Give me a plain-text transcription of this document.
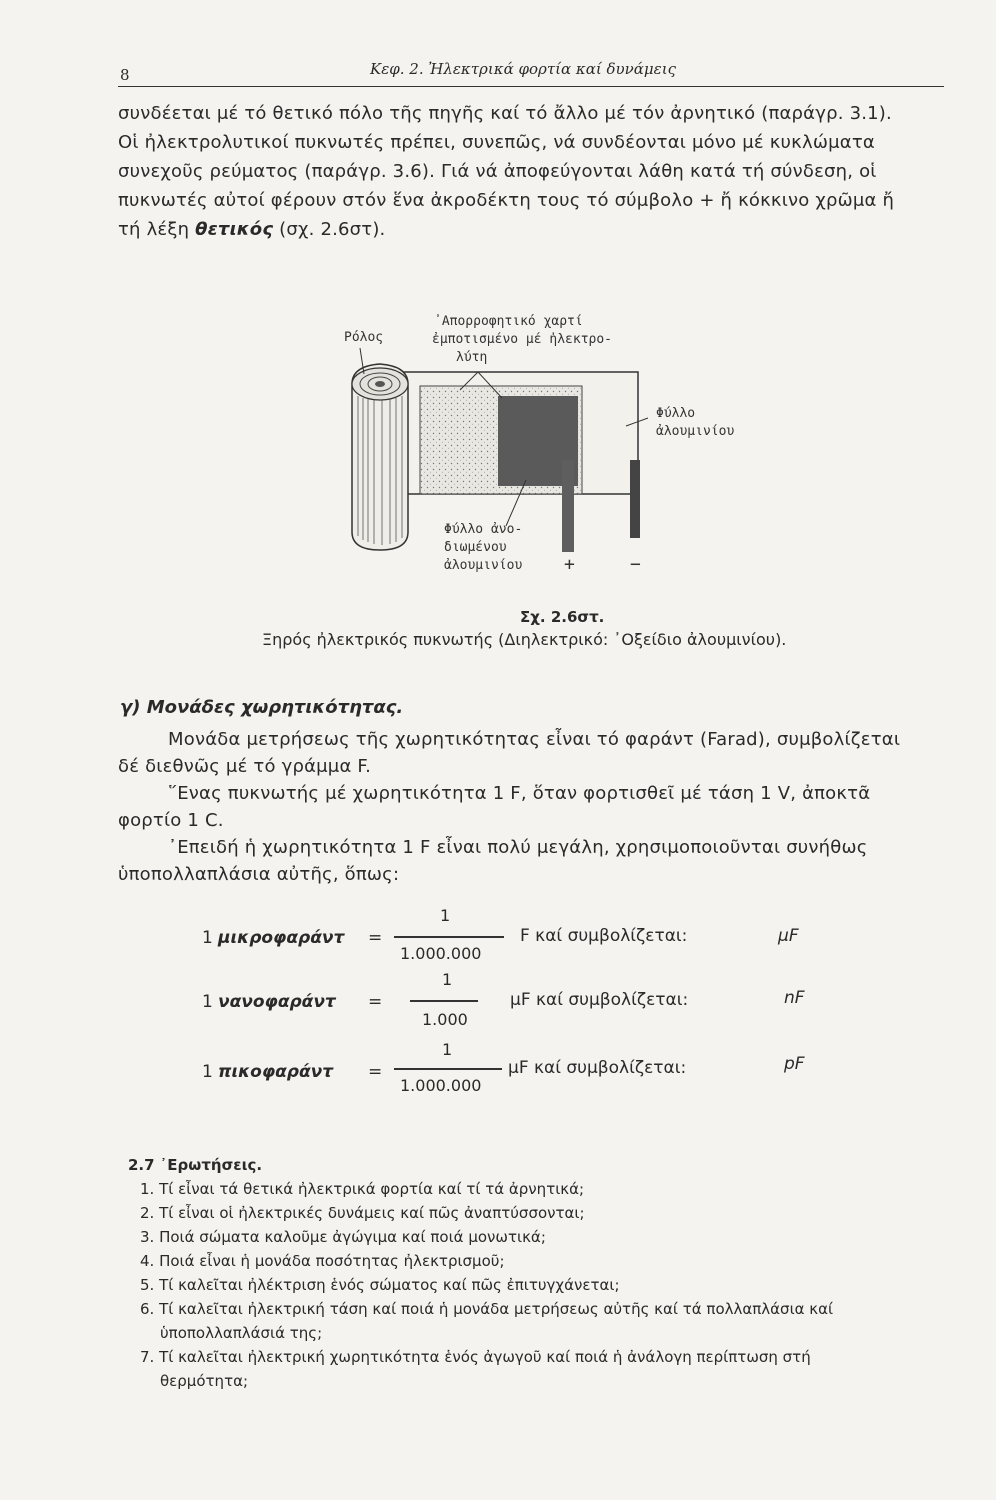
8	Κεφ. 2. Ἠλεκτρικά φορτία καί δυνάμεις
συνδέεται μέ τό θετικό πόλο τῆς πηγῆς καί τό ἄλλο μέ τόν ἀρνητικό (παράγρ. 3.1).
Οἱ ἠλεκτρολυτικοί πυκνωτές πρέπει, συνεπῶς, νά συνδέονται μόνο μέ κυκλώματα
συνεχοῦς ρεύματος (παράγρ. 3.6). Γιά νά ἀποφεύγονται λάθη κατά τή σύνδεση, οἱ
πυκνωτές αὐτοί φέρουν στόν ἕνα ἀκροδέκτη τους τό σύμβολο + ἤ κόκκινο χρῶμα ἤ
τή λέξη θετικός (σχ. 2.6στ).
Ρόλος
᾿Απορροφητικό χαρτί
ἐμποτισμένο μέ ἠλεκτρο-
λύτη
Φύλλο
ἀλουμινίου
Φύλλο ἀνο-
διωμένου
ἀλουμινίου +	−
Σχ. 2.6στ.
Ξηρός ἠλεκτρικός πυκνωτής (Διηλεκτρικό: ᾿Οξείδιο ἀλουμινίου).
γ) Μονάδες χωρητικότητας.
Μονάδα μετρήσεως τῆς χωρητικότητας εἶναι τό φαράντ (Farad), συμβολίζεται
δέ διεθνῶς μέ τό γράμμα F.
῞Ενας πυκνωτής μέ χωρητικότητα 1 F, ὅταν φορτισθεῖ μέ τάση 1 V, ἀποκτᾶ
φορτίο 1 C.
᾿Επειδή ἡ χωρητικότητα 1 F εἶναι πολύ μεγάλη, χρησιμοποιοῦνται συνήθως
ὑποπολλαπλάσια αὐτῆς, ὅπως:
1 μικροφαράντ =
1
1.000.000
F καί συμβολίζεται:	μF
1 νανοφαράντ =
1
1.000
μF καί συμβολίζεται:	nF
1 πικοφαράντ =
1
1.000.000
μF καί συμβολίζεται:	pF
2.7 ᾿Ερωτήσεις.
1. Τί εἶναι τά θετικά ἠλεκτρικά φορτία καί τί τά ἀρνητικά;
2. Τί εἶναι οἱ ἠλεκτρικές δυνάμεις καί πῶς ἀναπτύσσονται;
3. Ποιά σώματα καλοῦμε ἀγώγιμα καί ποιά μονωτικά;
4. Ποιά εἶναι ἡ μονάδα ποσότητας ἠλεκτρισμοῦ;
5. Τί καλεῖται ἠλέκτριση ἑνός σώματος καί πῶς ἐπιτυγχάνεται;
6. Τί καλεῖται ἠλεκτρική τάση καί ποιά ἡ μονάδα μετρήσεως αὐτῆς καί τά πολλαπλάσια καί
ὑποπολλαπλάσιά της;
7. Τί καλεῖται ἠλεκτρική χωρητικότητα ἑνός ἀγωγοῦ καί ποιά ἡ ἀνάλογη περίπτωση στή
θερμότητα;
